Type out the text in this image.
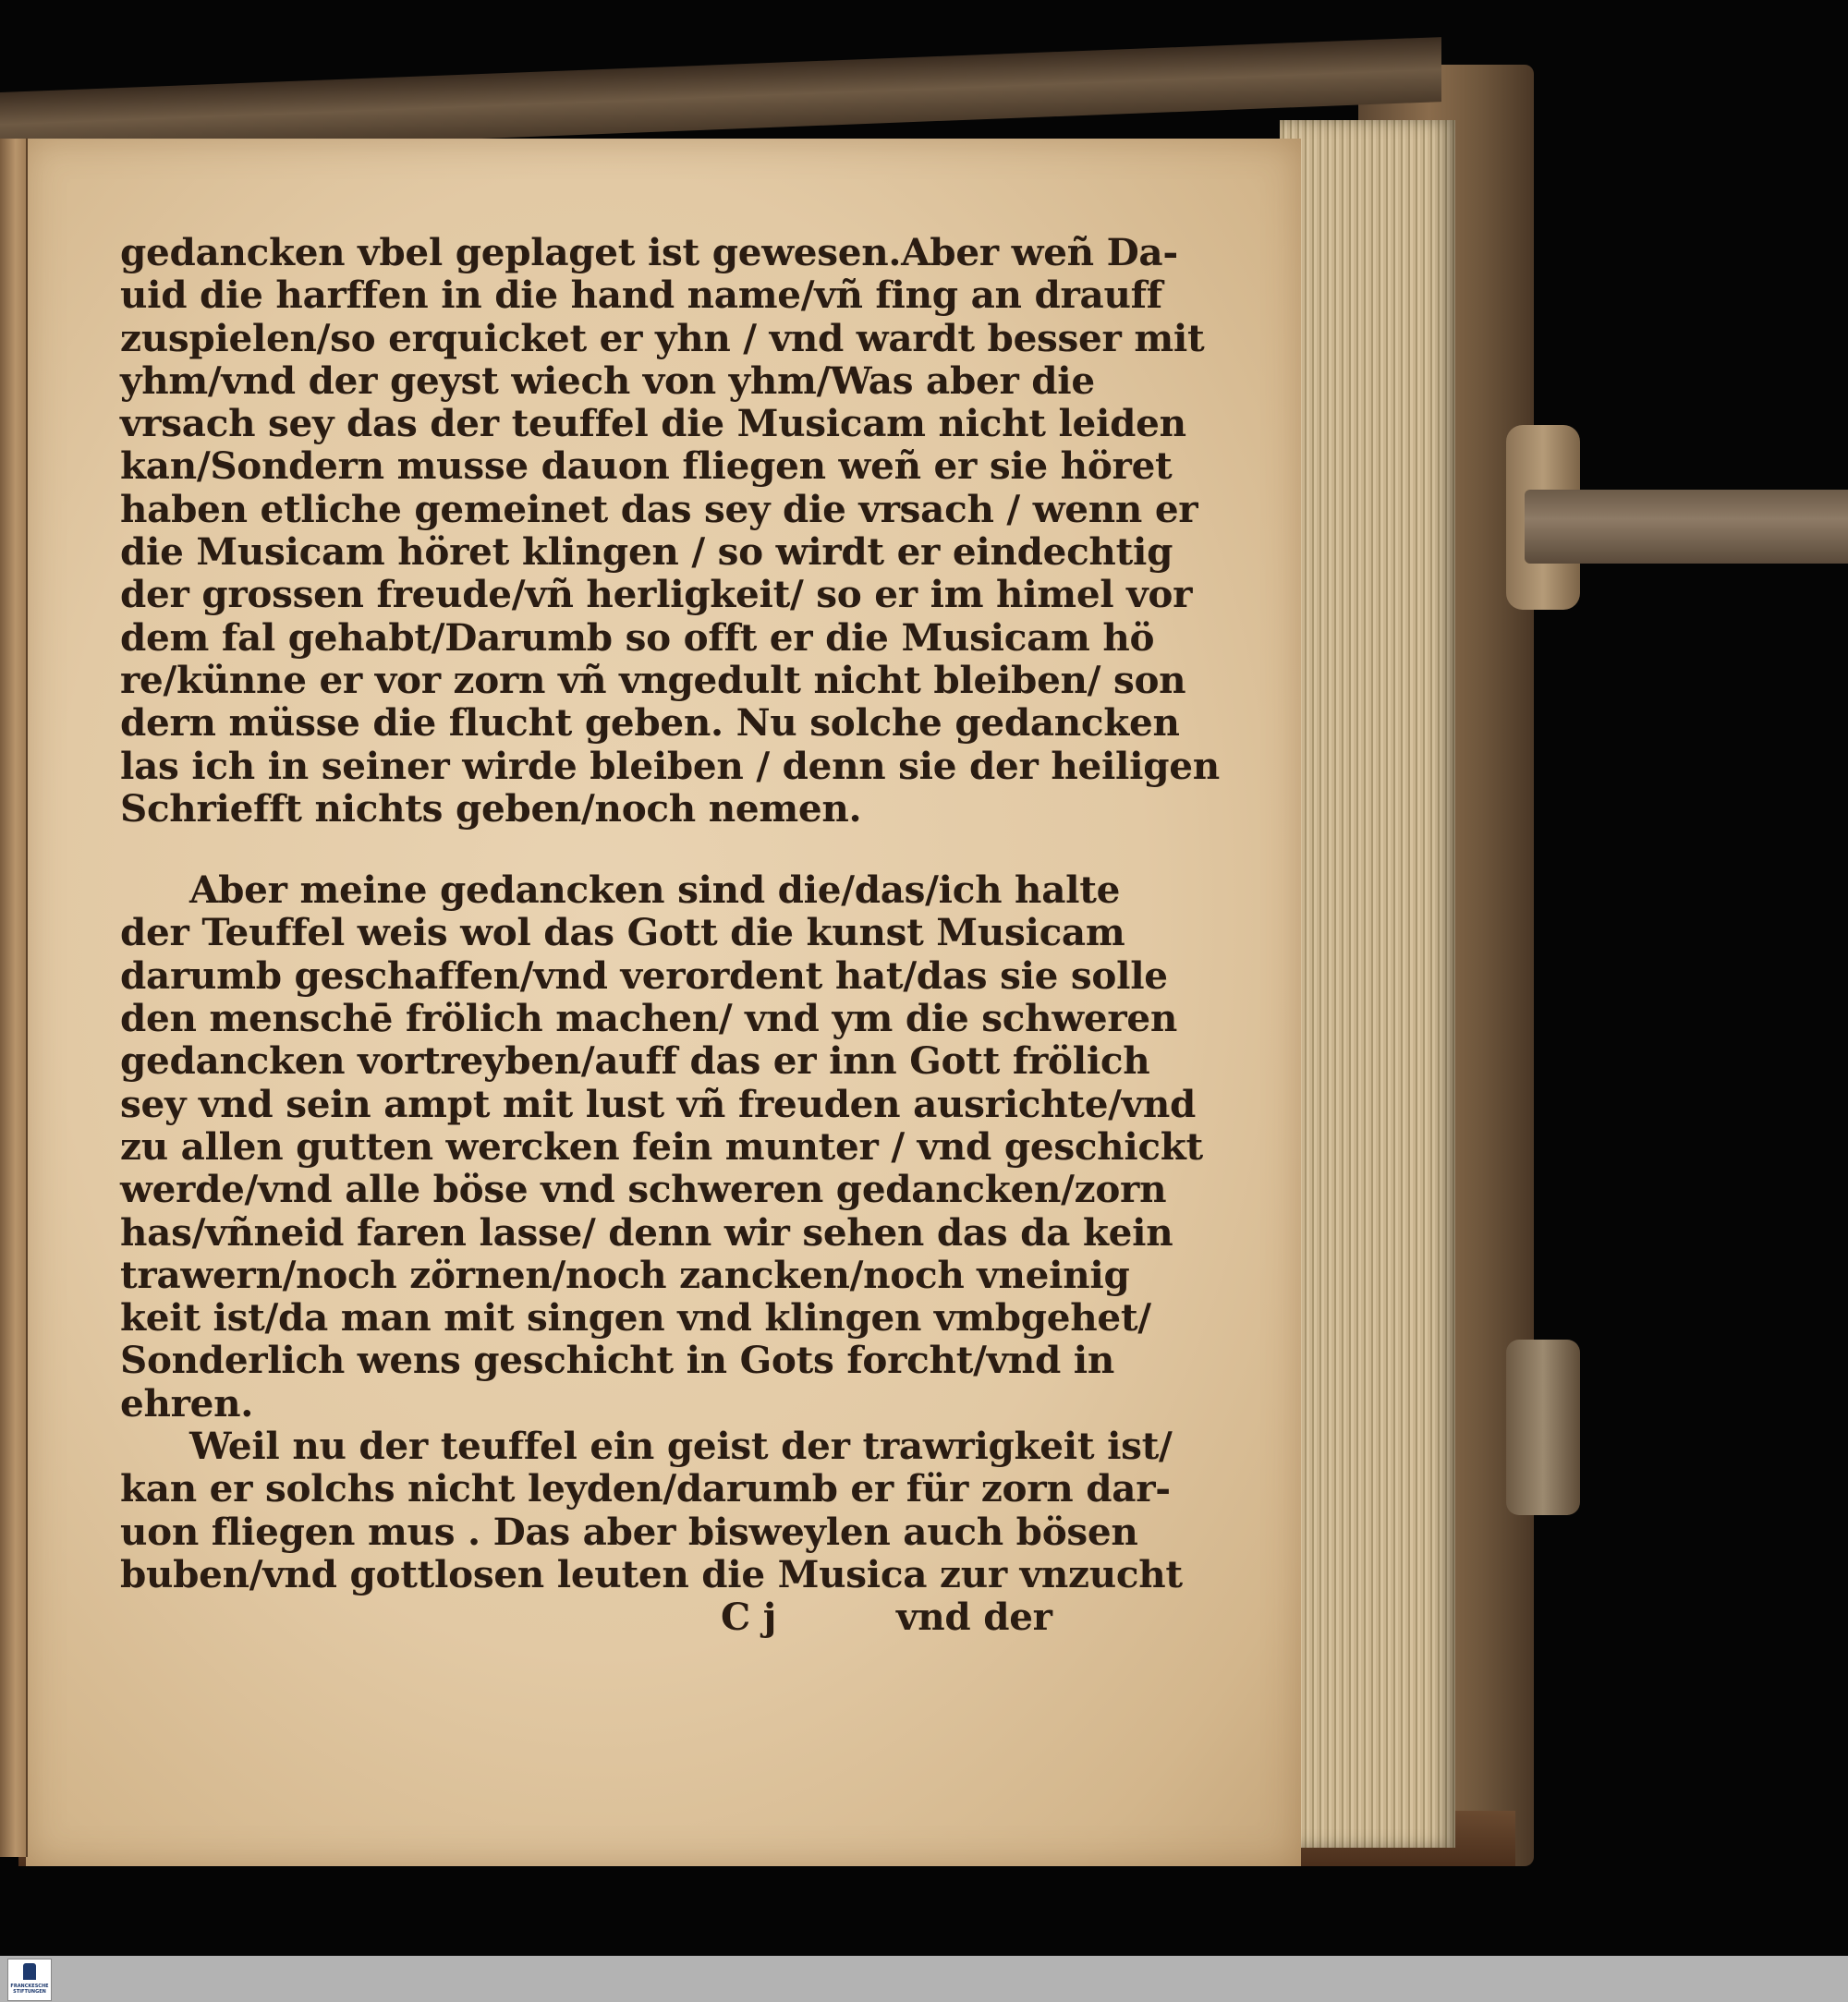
gedancken vbel geplaget ist gewesen.Aber weñ Da-
uid die harffen in die hand name/vñ fing an drauff
zuspielen/so erquicket er yhn / vnd wardt besser mit
yhm/vnd der geyst wiech von yhm/Was aber die
vrsach sey das der teuffel die Musicam nicht leiden
kan/Sondern musse dauon fliegen weñ er sie höret
haben etliche gemeinet das sey die vrsach / wenn er
die Musicam höret klingen / so wirdt er eindechtig
der grossen freude/vñ herligkeit/ so er im himel vor
dem fal gehabt/Darumb so offt er die Musicam hö
re/künne er vor zorn vñ vngedult nicht bleiben/ son
dern müsse die flucht geben. Nu solche gedancken
las ich in seiner wirde bleiben / denn sie der heiligen
Schriefft nichts geben/noch nemen.
Aber meine gedancken sind die/das/ich halte
der Teuffel weis wol das Gott die kunst Musicam
darumb geschaffen/vnd verordent hat/das sie solle
den menschē frölich machen/ vnd ym die schweren
gedancken vortreyben/auff das er inn Gott frölich
sey vnd sein ampt mit lust vñ freuden ausrichte/vnd
zu allen gutten wercken fein munter / vnd geschickt
werde/vnd alle böse vnd schweren gedancken/zorn
has/vñneid faren lasse/ denn wir sehen das da kein
trawern/noch zörnen/noch zancken/noch vneinig
keit ist/da man mit singen vnd klingen vmbgehet/
Sonderlich wens geschicht in Gots forcht/vnd in
ehren.
Weil nu der teuffel ein geist der trawrigkeit ist/
kan er solchs nicht leyden/darumb er für zorn dar-
uon fliegen mus . Das aber bisweylen auch bösen
buben/vnd gottlosen leuten die Musica zur vnzucht
C j	vnd der
FRANCKESCHE STIFTUNGEN
